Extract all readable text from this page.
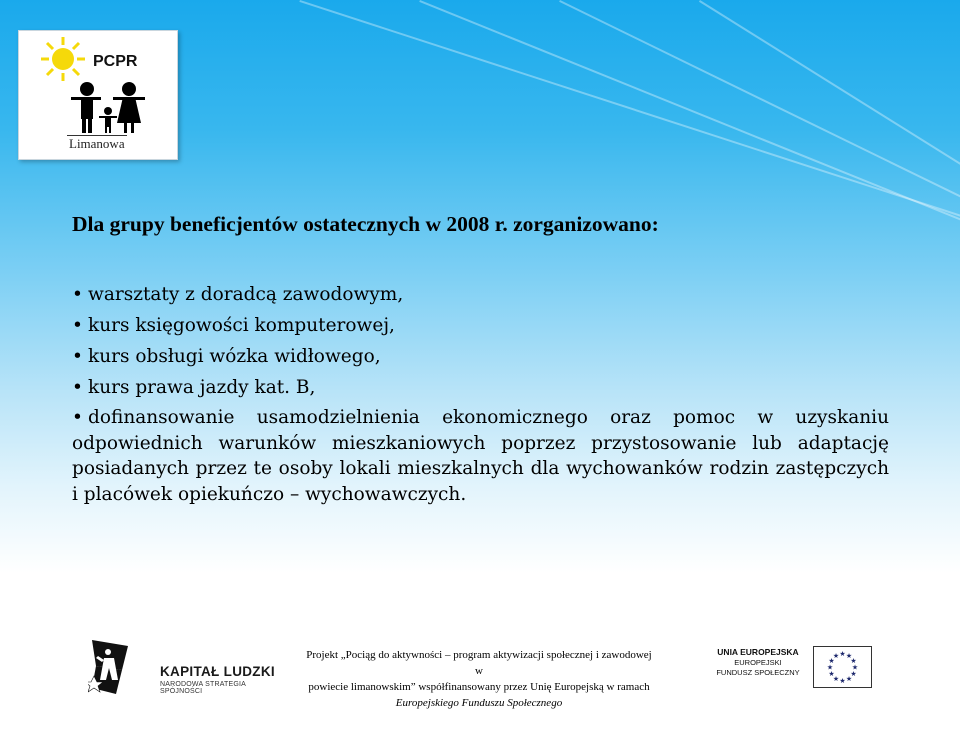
PCPR
Limanowa
Dla grupy beneficjentów ostatecznych w 2008 r. zorganizowano:
• warsztaty z doradcą zawodowym,
• kurs księgowości komputerowej,
• kurs obsługi wózka widłowego,
• kurs prawa jazdy kat. B,
• dofinansowanie usamodzielnienia ekonomicznego oraz pomoc w uzyskaniu odpowiednich warunków mieszkaniowych poprzez przystosowanie lub adaptację posiadanych przez te osoby lokali mieszkalnych dla wychowanków rodzin zastępczych i placówek opiekuńczo – wychowawczych.
KAPITAŁ LUDZKI
NARODOWA STRATEGIA SPÓJNOŚCI
Projekt „Pociąg do aktywności – program aktywizacji społecznej i zawodowej w
powiecie limanowskim” współfinansowany przez Unię Europejską w ramach
Europejskiego Funduszu Społecznego
UNIA EUROPEJSKA
EUROPEJSKI
FUNDUSZ SPOŁECZNY
★ ★
★
★
★
★
★
★
★
★
★
★
